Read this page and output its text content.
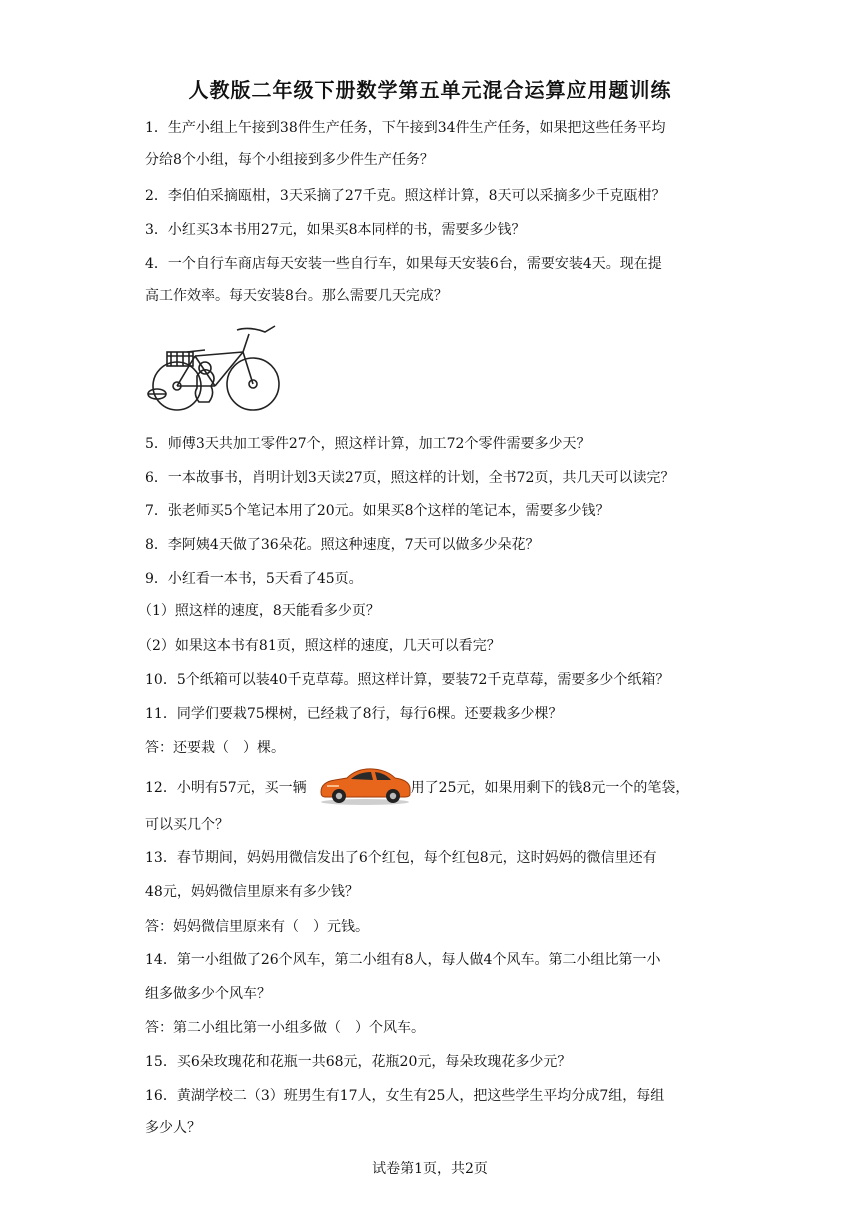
人教版二年级下册数学第五单元混合运算应用题训练
1．生产小组上午接到38件生产任务，下午接到34件生产任务，如果把这些任务平均
分给8个小组，每个小组接到多少件生产任务？
2．李伯伯采摘瓯柑，3天采摘了27千克。照这样计算，8天可以采摘多少千克瓯柑？
3．小红买3本书用27元，如果买8本同样的书，需要多少钱？
4．一个自行车商店每天安装一些自行车，如果每天安装6台，需要安装4天。现在提
高工作效率。每天安装8台。那么需要几天完成？
5．师傅3天共加工零件27个，照这样计算，加工72个零件需要多少天？
6．一本故事书，肖明计划3天读27页，照这样的计划，全书72页，共几天可以读完？
7．张老师买5个笔记本用了20元。如果买8个这样的笔记本，需要多少钱？
8．李阿姨4天做了36朵花。照这种速度，7天可以做多少朵花？
9．小红看一本书，5天看了45页。
（1）照这样的速度，8天能看多少页？
（2）如果这本书有81页，照这样的速度，几天可以看完？
10．5个纸箱可以装40千克草莓。照这样计算，要装72千克草莓，需要多少个纸箱？
11．同学们要栽75棵树，已经栽了8行，每行6棵。还要栽多少棵？
答：还要栽（　）棵。
12．小明有57元，买一辆	用了25元，如果用剩下的钱8元一个的笔袋，
可以买几个？
13．春节期间，妈妈用微信发出了6个红包，每个红包8元，这时妈妈的微信里还有
48元，妈妈微信里原来有多少钱？
答：妈妈微信里原来有（　）元钱。
14．第一小组做了26个风车，第二小组有8人，每人做4个风车。第二小组比第一小
组多做多少个风车？
答：第二小组比第一小组多做（　）个风车。
15．买6朵玫瑰花和花瓶一共68元，花瓶20元，每朵玫瑰花多少元？
16．黄湖学校二（3）班男生有17人，女生有25人，把这些学生平均分成7组，每组
多少人？
试卷第1页，共2页
